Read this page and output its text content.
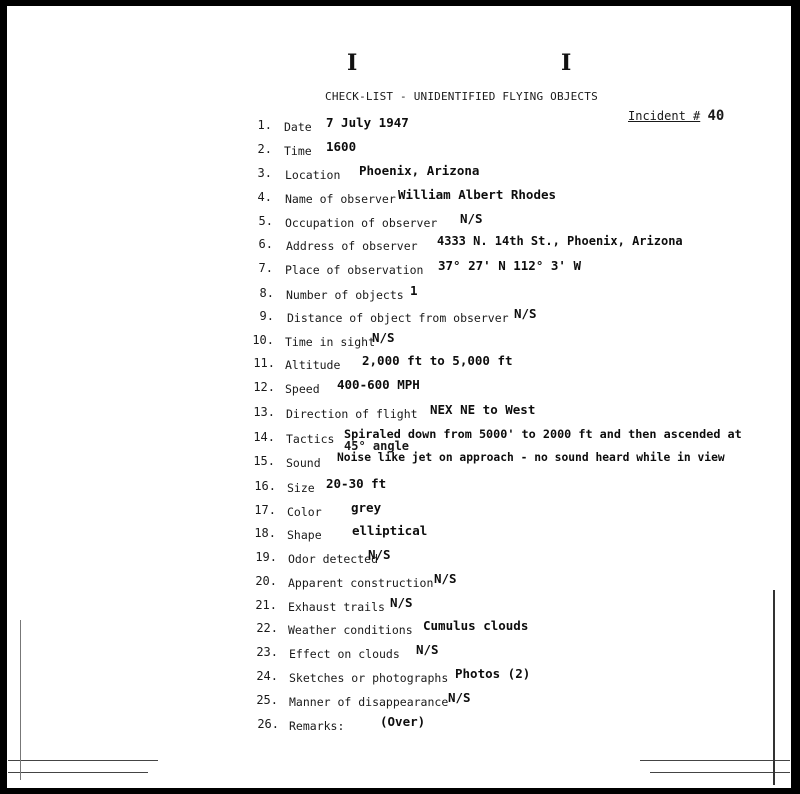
I	I
CHECK-LIST - UNIDENTIFIED FLYING OBJECTS
Incident # 40
1. Date 7 July 1947
2. Time 1600
3. Location Phoenix, Arizona
4. Name of observer William Albert Rhodes
5. Occupation of observer N/S
6. Address of observer 4333 N. 14th St., Phoenix, Arizona
7. Place of observation 37° 27' N 112° 3' W
8. Number of objects 1
9. Distance of object from observer N/S
10. Time in sight
N/S
11. Altitude 2,000 ft to 5,000 ft
12. Speed 400-600 MPH
13. Direction of flight NEX NE to West
14. Tactics Spiraled down from 5000' to 2000 ft and then ascended at
45° angle
15. Sound Noise like jet on approach - no sound heard while in view
16. Size 20-30 ft
17. Color grey
18. Shape elliptical
19. Odor detected
N/S
20. Apparent construction N/S
21. Exhaust trails N/S
22. Weather conditions Cumulus clouds
23. Effect on clouds N/S
24. Sketches or photographs Photos (2)
25. Manner of disappearance N/S
26. Remarks:	(Over)
